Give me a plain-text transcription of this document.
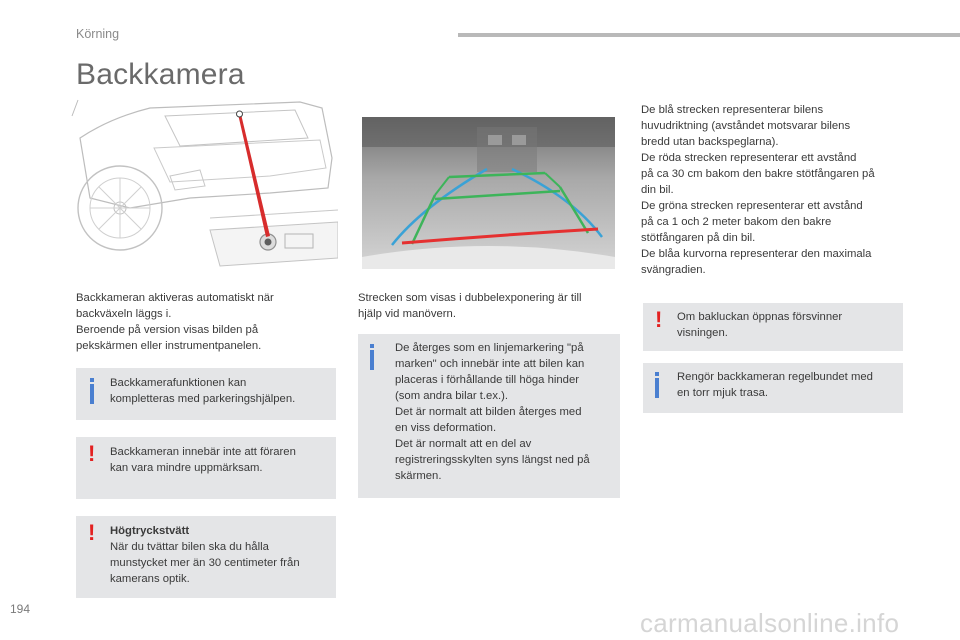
Körning
Backkamera
Backkameran aktiveras automatiskt när
backväxeln läggs i.
Beroende på version visas bilden på
pekskärmen eller instrumentpanelen.
Backkamerafunktionen kan
kompletteras med parkeringshjälpen.
! Backkameran innebär inte att föraren
kan vara mindre uppmärksam.
! Högtryckstvätt
När du tvättar bilen ska du hålla
munstycket mer än 30 centimeter från
kamerans optik.
Strecken som visas i dubbelexponering är till
hjälp vid manövern.
De återges som en linjemarkering "på
marken" och innebär inte att bilen kan
placeras i förhållande till höga hinder
(som andra bilar t.ex.).
Det är normalt att bilden återges med
en viss deformation.
Det är normalt att en del av
registreringsskylten syns längst ned på
skärmen.
De blå strecken representerar bilens
huvudriktning (avståndet motsvarar bilens
bredd utan backspeglarna).
De röda strecken representerar ett avstånd
på ca 30 cm bakom den bakre stötfångaren på
din bil.
De gröna strecken representerar ett avstånd
på ca 1 och 2 meter bakom den bakre
stötfångaren på din bil.
De blåa kurvorna representerar den maximala
svängradien.
! Om bakluckan öppnas försvinner
visningen.
Rengör backkameran regelbundet med
en torr mjuk trasa.
194	carmanualsonline.info
